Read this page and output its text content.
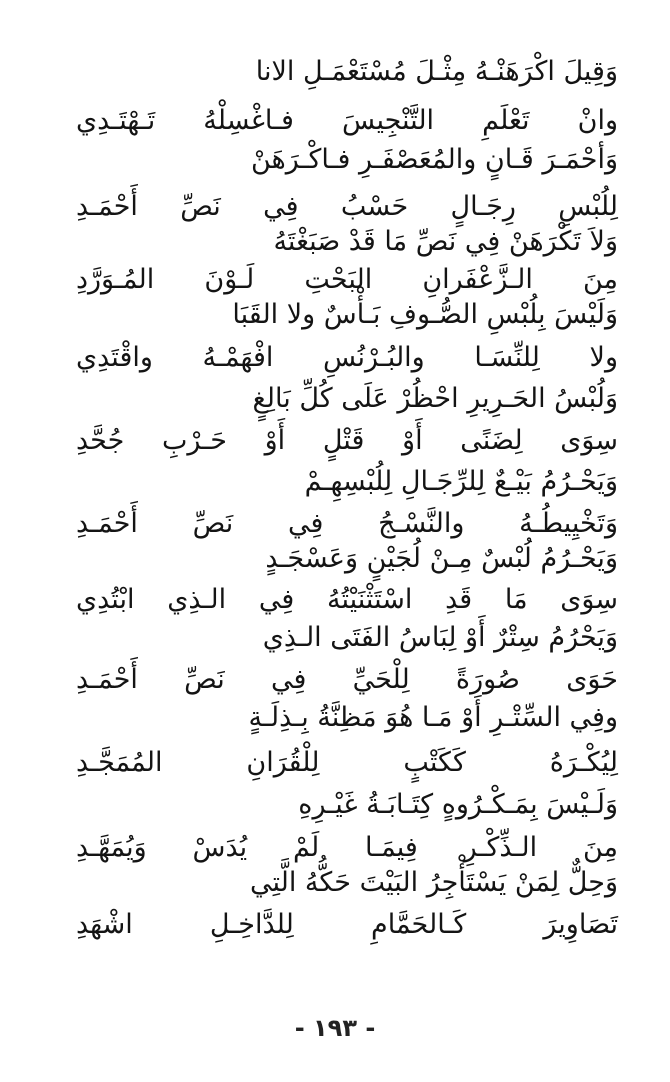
وَقِيلَ اكْرَهَنْـهُ مِثْـلَ مُسْتَعْمَـلِ الانا
وانْ تَعْلَمِ التَّنْجِيسَ فـاغْسِلْهُ تَـهْتَـدِي
وَأحْمَـرَ قَـانٍ والمُعَصْفَـرِ فـاكْـرَهَنْ
لِلُبْسِ رِجَـالٍ حَسْبُ فِي نَصِّ أَحْمَـدِ
وَلاَ تَكْرَهَنْ فِي نَصِّ مَا قَدْ صَبَغْتَهُ
مِنَ الـزَّعْفَرانِ البَحْتِ لَـوْنَ المُـوَرَّدِ
وَلَيْسَ بِلُبْسِ الصُّـوفِ بَـأْسٌ ولا القَبَا
ولا لِلنِّسَـا والبُـرْنُسِ افْهَمْـهُ واقْتَدِي
وَلُبْسُ الحَـرِيرِ احْظُرْ عَلَى كُلِّ بَالِغٍ
سِوَى لِضَنًى أَوْ قَتْلٍ أَوْ حَـرْبِ جُحَّدِ
وَيَحْـرُمُ بَيْـعٌ لِلرِّجَـالِ لِلُبْسِهِـمْ
وَتَخْيِيطُـهُ والنَّسْـجُ فِي نَصِّ أَحْمَـدِ
وَيَحْـرُمُ لُبْسٌ مِـنْ لُجَيْنٍ وَعَسْجَـدٍ
سِوَى مَا قَدِ اسْتَثْنَيْتُهُ فِي الـذِي ابْتُدِي
وَيَحْرُمُ سِتْرٌ أَوْ لِبَاسُ الفَتَى الـذِي
حَوَى صُورَةً لِلْحَيِّ فِي نَصِّ أَحْمَـدِ
وفِي السِّتْـرِ أَوْ مَـا هُوَ مَظِنَّةُ بِـذِلَـةٍ
لِيُكْـرَهُ كَكَتْبٍ لِلْقُرَانِ المُمَجَّـدِ
وَلَـيْسَ بِمَـكْـرُوهٍ كِتَـابَـةُ غَيْـرِهِ
مِنَ الـذِّكْـرِ فِيمَـا لَمْ يُدَسْ وَيُمَهَّـدِ
وَحِلٌّ لِمَنْ يَسْتَأْجِرُ البَيْتَ حَكُّهُ الَّتِي
تَصَاوِيرَ كَـالحَمَّامِ لِلدَّاخِـلِ اشْهَدِ
- ١٩٣ -
